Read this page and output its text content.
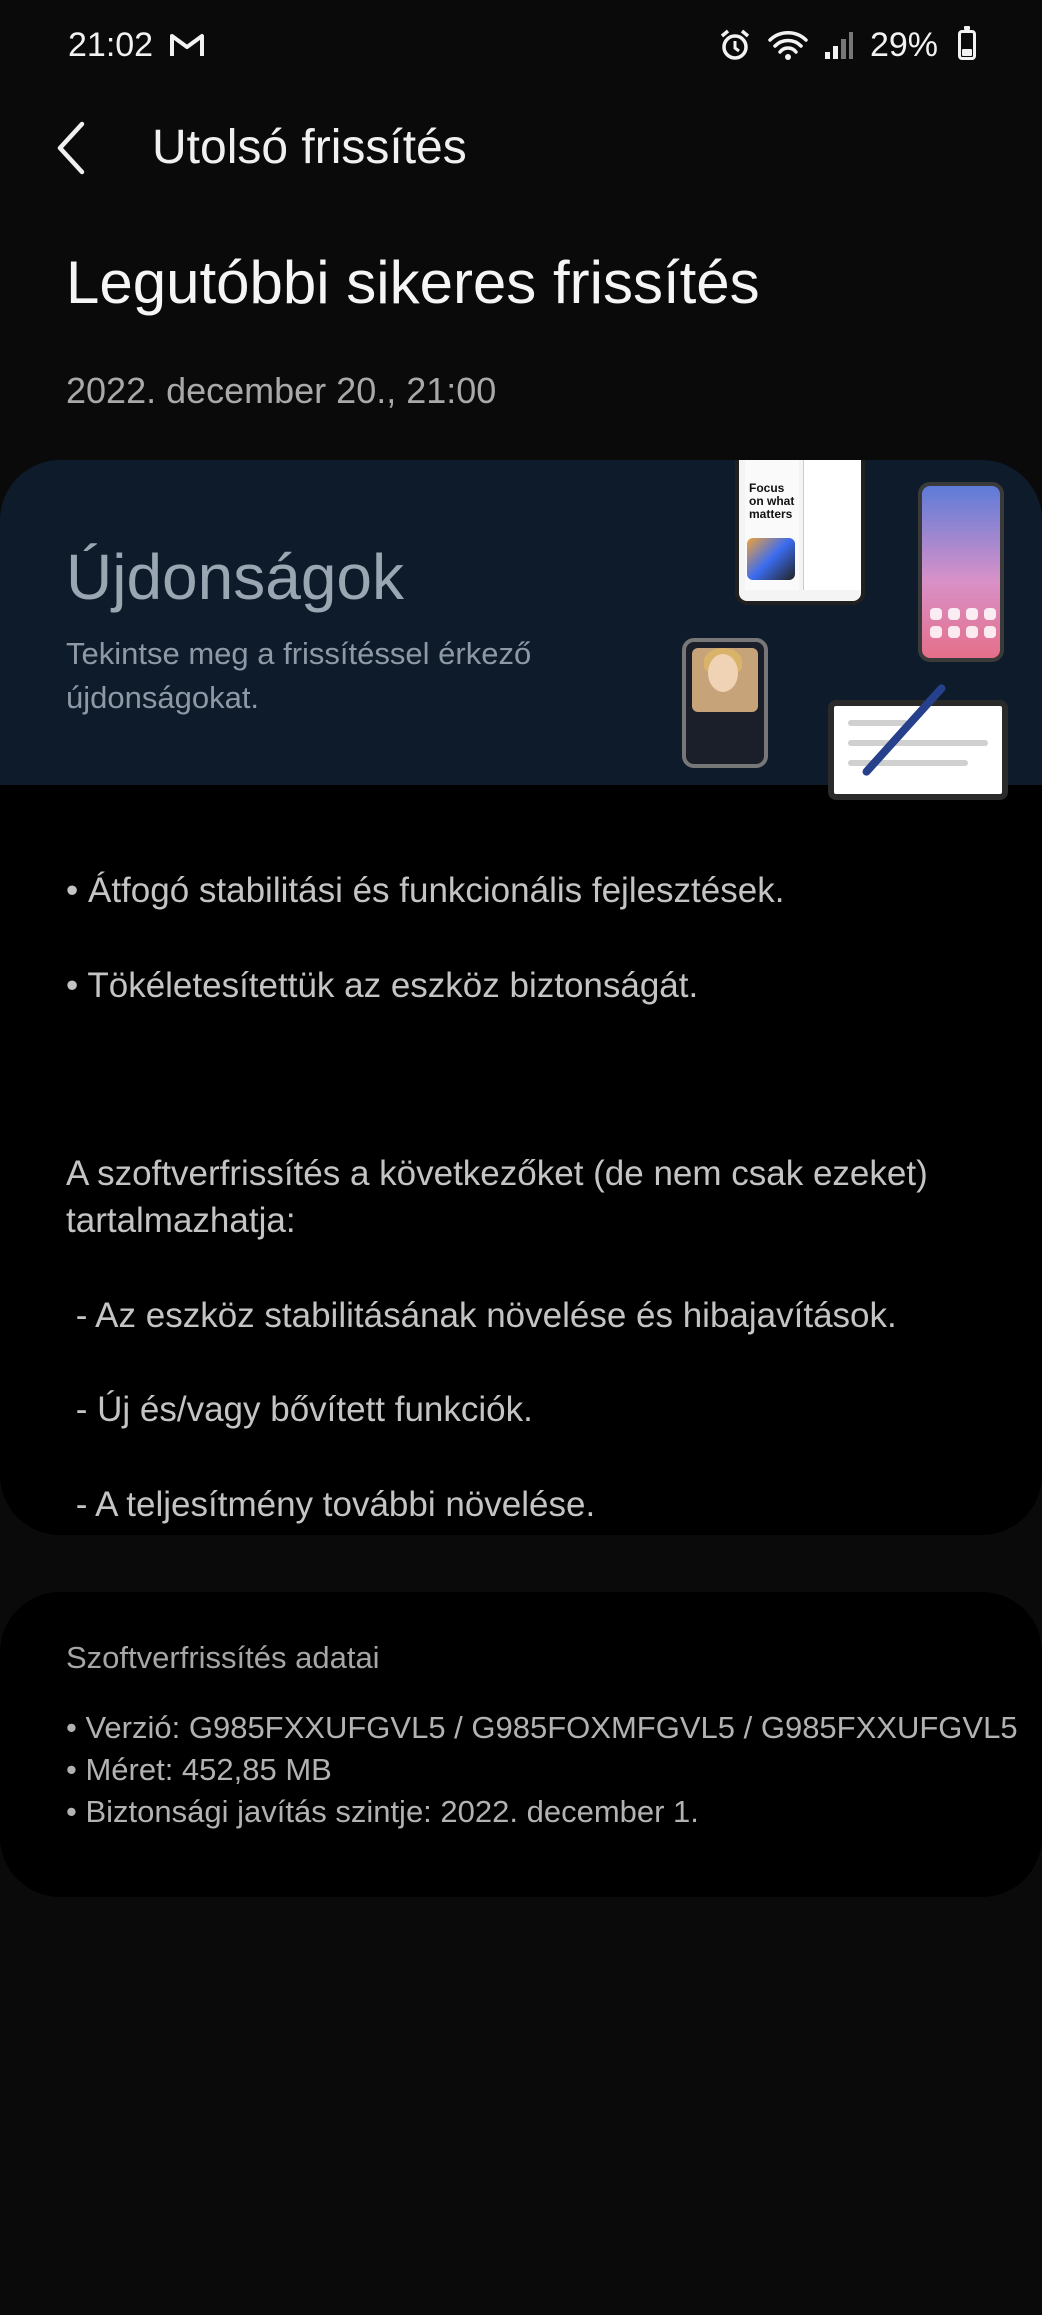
21:02	29%
Utolsó frissítés
Legutóbbi sikeres frissítés
2022. december 20., 21:00
Újdonságok
Tekintse meg a frissítéssel érkező újdonságokat.
Focus on what matters

• Átfogó stabilitási és funkcionális fejlesztések.

• Tökéletesítettük az eszköz biztonságát.

A szoftverfrissítés a következőket (de nem csak ezeket) tartalmazhatja:

- Az eszköz stabilitásának növelése és hibajavítások.

- Új és/vagy bővített funkciók.

- A teljesítmény további növelése.

Szoftverfrissítés adatai
• Verzió: G985FXXUFGVL5 / G985FOXMFGVL5 / G985FXXUFGVL5
• Méret: 452,85 MB
• Biztonsági javítás szintje: 2022. december 1.
